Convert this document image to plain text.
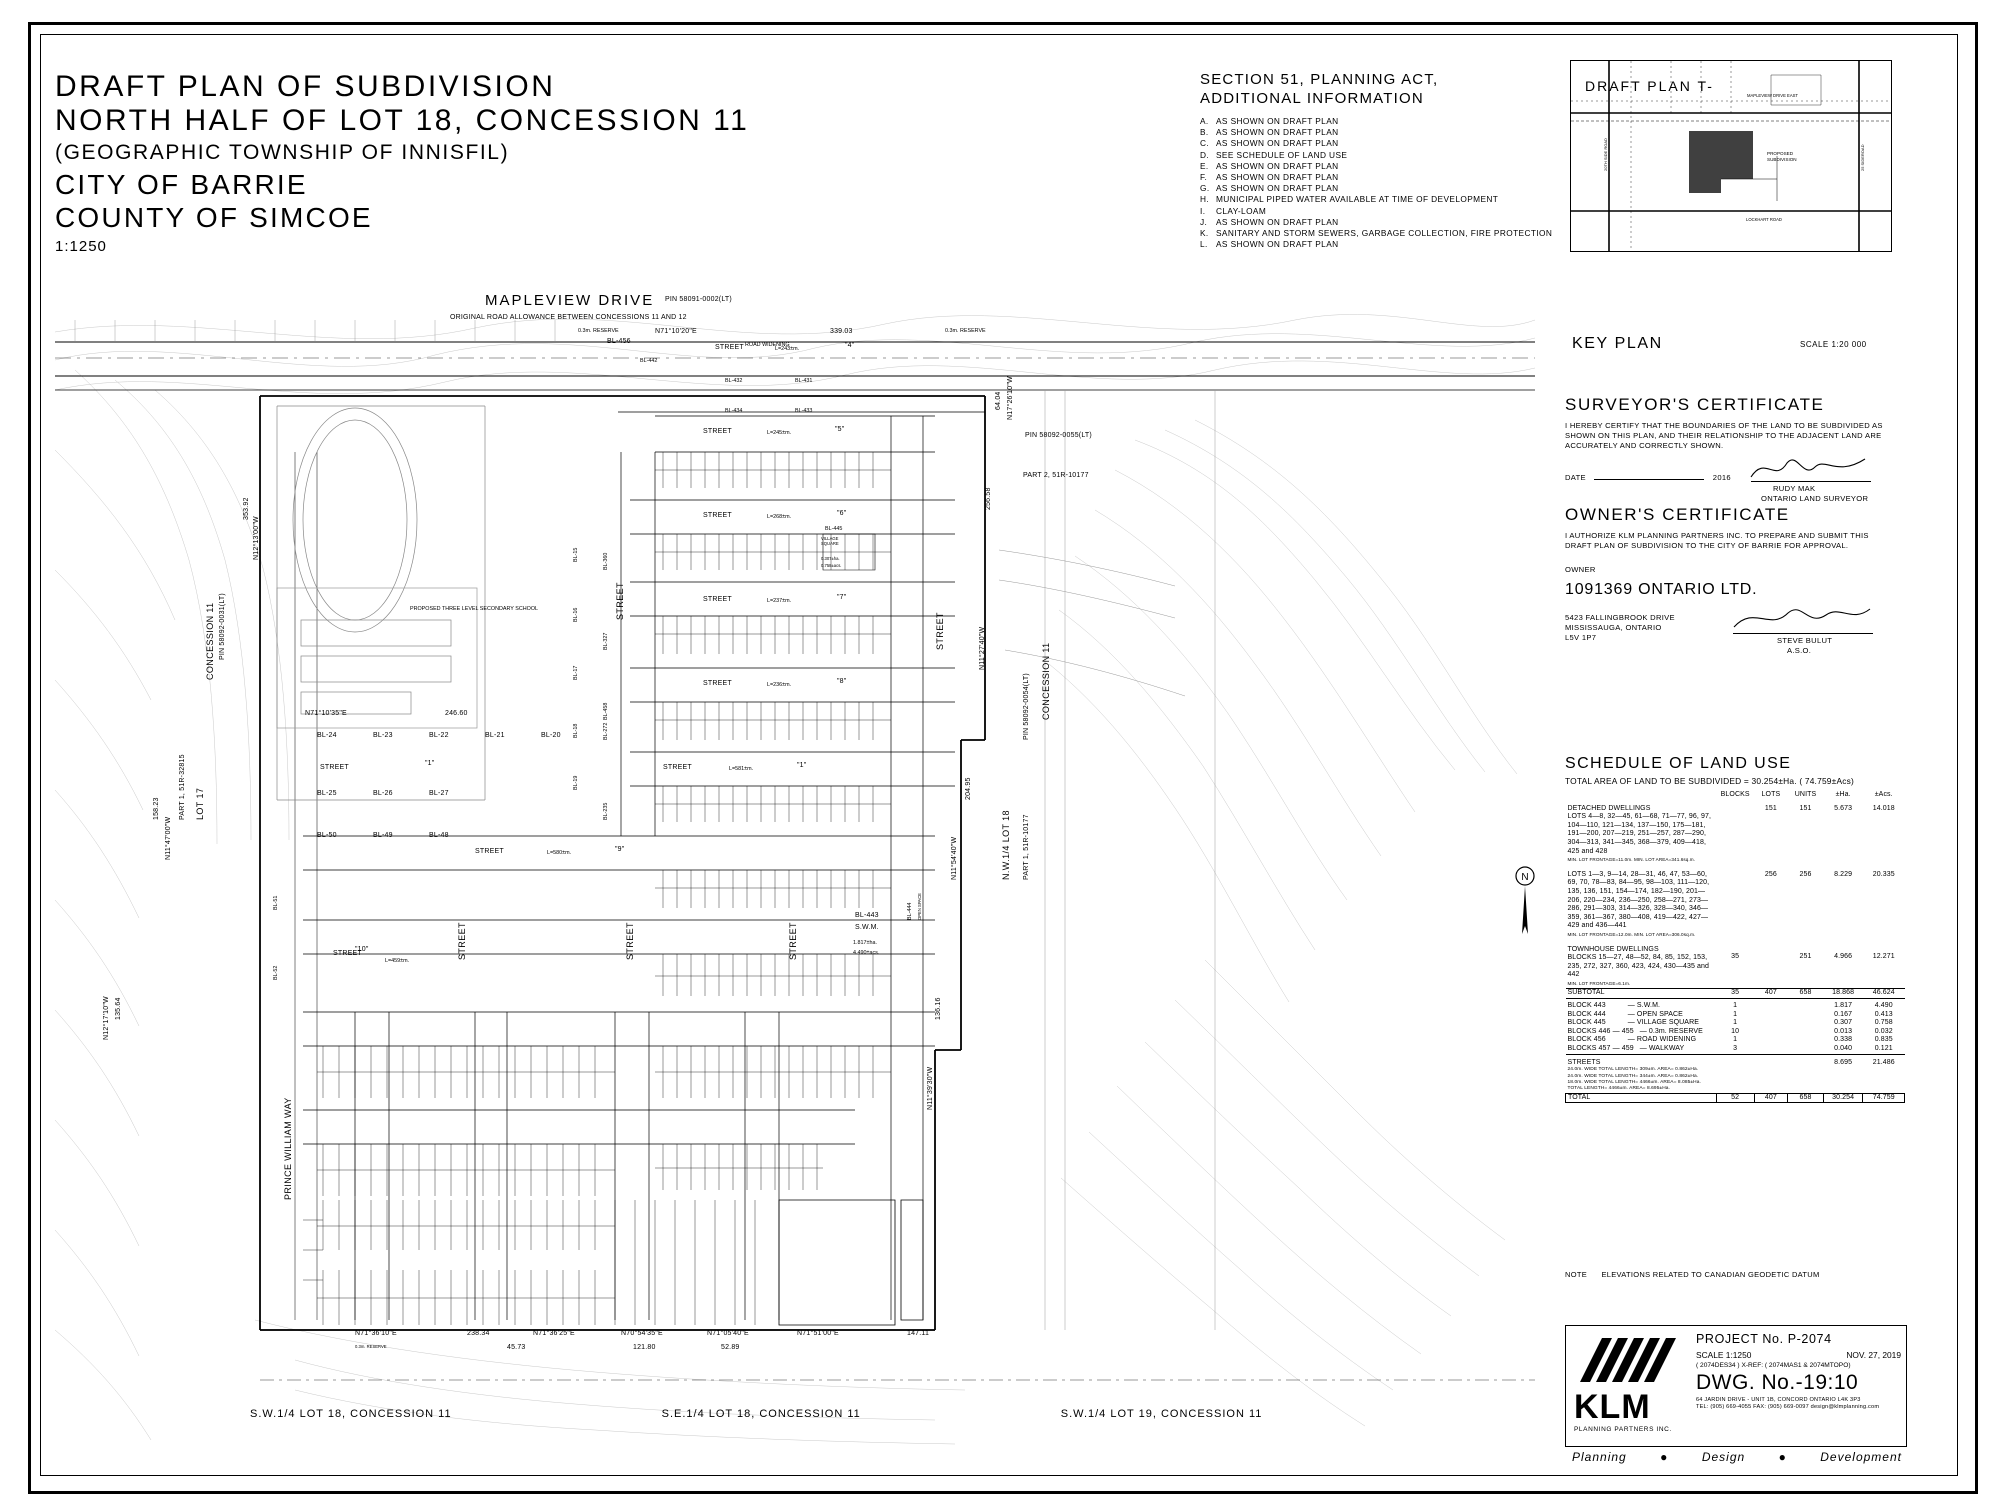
DRAFT PLAN OF SUBDIVISION
NORTH HALF OF LOT 18, CONCESSION 11
(GEOGRAPHIC TOWNSHIP OF INNISFIL)
CITY OF BARRIE
COUNTY OF SIMCOE
1:1250
SECTION 51, PLANNING ACT,
ADDITIONAL INFORMATION
A. AS SHOWN ON DRAFT PLAN
B. AS SHOWN ON DRAFT PLAN
C. AS SHOWN ON DRAFT PLAN
D. SEE SCHEDULE OF LAND USE
E. AS SHOWN ON DRAFT PLAN
F. AS SHOWN ON DRAFT PLAN
G. AS SHOWN ON DRAFT PLAN
H. MUNICIPAL PIPED WATER AVAILABLE AT TIME OF DEVELOPMENT
I. CLAY-LOAM
J. AS SHOWN ON DRAFT PLAN
K. SANITARY AND STORM SEWERS, GARBAGE COLLECTION, FIRE PROTECTION
L. AS SHOWN ON DRAFT PLAN
DRAFT PLAN T-
MAPLEVIEW DRIVE EAST
PROPOSED
SUBDIVISION
LOCKHART ROAD
20TH SIDE ROAD	25 SIDEROAD
KEY PLAN	SCALE 1:20 000
SURVEYOR'S CERTIFICATE
I HEREBY CERTIFY THAT THE BOUNDARIES OF THE LAND TO BE SUBDIVIDED AS SHOWN ON THIS PLAN, AND THEIR RELATIONSHIP TO THE ADJACENT LAND ARE ACCURATELY AND CORRECTLY SHOWN.
DATE	2016
RUDY MAK
ONTARIO LAND SURVEYOR
OWNER'S CERTIFICATE
I AUTHORIZE KLM PLANNING PARTNERS INC. TO PREPARE AND SUBMIT THIS DRAFT PLAN OF SUBDIVISION TO THE CITY OF BARRIE FOR APPROVAL.
OWNER
1091369 ONTARIO LTD.
5423 FALLINGBROOK DRIVE
MISSISSAUGA, ONTARIO
L5V 1P7	STEVE BULUT
A.S.O.
SCHEDULE OF LAND USE
TOTAL AREA OF LAND TO BE SUBDIVIDED = 30.254±Ha. ( 74.759±Acs)
	BLOCKS	LOTS	UNITS	±Ha.	±Acs.

DETACHED DWELLINGS
LOTS 4—8, 32—45, 61—68, 71—77, 96, 97, 104—110, 121—134, 137—150, 175—181, 191—200, 207—219, 251—257, 287—290, 304—313, 341—345, 368—379, 409—418, 425 and 428
MIN. LOT FRONTAGE=11.0m. MIN. LOT AREA=341.6sq.m.		151	151	5.673	14.018

LOTS 1—3, 9—14, 28—31, 46, 47, 53—60, 69, 70, 78—83, 84—95, 98—103, 111—120, 135, 136, 151, 154—174, 182—190, 201—206, 220—234, 236—250, 258—271, 273—286, 291—303, 314—326, 328—340, 346—359, 361—367, 380—408, 419—422, 427—429 and 436—441
MIN. LOT FRONTAGE=12.0m. MIN. LOT AREA=306.0sq.m.		256	256	8.229	20.335

TOWNHOUSE DWELLINGS
BLOCKS 15—27, 48—52, 84, 85, 152, 153, 235, 272, 327, 360, 423, 424, 430—435 and 442
MIN. LOT FRONTAGE=6.1m.	35		251	4.966	12.271
SUBTOTAL	35	407	658	18.868	46.624
BLOCK 443 — S.W.M.	1			1.817	4.490
BLOCK 444 — OPEN SPACE	1			0.167	0.413
BLOCK 445 — VILLAGE SQUARE	1			0.307	0.758
BLOCKS 446 — 455 — 0.3m. RESERVE	10			0.013	0.032
BLOCK 456 — ROAD WIDENING	1			0.338	0.835
BLOCKS 457 — 459 — WALKWAY	3			0.040	0.121

STREETS
24.0m. WIDE TOTAL LENGTH= 309±m. AREA= 0.862±Ha.
24.0m. WIDE TOTAL LENGTH= 344±m. AREA= 0.862±Ha.
18.0m. WIDE TOTAL LENGTH= 4466±m. AREA= 8.085±Ha.
TOTAL LENGTH= 4466±m. AREA= 8.695±Ha.				8.695	21.486
TOTAL	52	407	658	30.254	74.759
NOTE ELEVATIONS RELATED TO CANADIAN GEODETIC DATUM
KLM
PLANNING PARTNERS INC.
PROJECT No. P-2074
SCALE 1:1250	NOV. 27, 2019
( 2074DES34 ) X-REF: ( 2074MAS1 & 2074MTOPO)
DWG. No.-19:10
64 JARDIN DRIVE - UNIT 1B, CONCORD ONTARIO L4K 3P3
TEL: (905) 669-4055 FAX: (905) 669-0097 design@klmplanning.com
Planning	●	Design	●	Development
MAPLEVIEW DRIVE PIN 58091-0002(LT)
ORIGINAL ROAD ALLOWANCE BETWEEN CONCESSIONS 11 AND 12
N71°10'20"E	339.03
ROAD WIDENING
0.3m. RESERVE	0.3m. RESERVE
BL-456
BL-442
BL-432	BL-431
BL-434	BL-433
STREET	L=243±m.	"4"
STREET	L=245±m.	"5"
STREET	L=268±m.	"6"
STREET	L=237±m.	"7"
STREET	L=236±m.	"8"
STREET	L=581±m.	"1"
STREET
"1"
STREET	L=580±m.	"9"
STREET
L=459±m.
"10"
STREET
STREET
STREET	STREET
STREET
BL-443
S.W.M.
1.817±ha.
4.490±acs.
BL-445
VILLAGE
SQUARE
0.307±ha.
0.758±acs.
BL-444 OPEN SPACE
PROPOSED THREE LEVEL SECONDARY SCHOOL
BL-24	BL-23	BL-22	BL-21	BL-20
BL-25	BL-26	BL-27
BL-50	BL-49	BL-48
BL-15
BL-16
BL-17
BL-18
BL-19
BL-458
BL-272
BL-235
BL-327
BL-360
BL-51
BL-52
N12°13'00"W
353.92
N11°47'00"W
158.23
135.64
N12°17'10"W
N17°26'10"W
64.04
256.58
N11°27'40"W
204.95
N11°54'40"W
136.16
N11°39'30"W
N71°10'35"E	246.60
N71°36'10"E	238.34	N71°36'25"E
45.73
N70°54'35"E
121.80
N71°05'40"E
52.89
N71°51'00"E	147.11
0.3m. RESERVE
PIN 58092-0031(LT)
CONCESSION 11
LOT 17
PART 1, 51R-32815
PIN 58092-0054(LT) CONCESSION 11
N.W.1/4 LOT 18 PART 1, 51R-10177
PIN 58092-0055(LT)
PART 2, 51R-10177
PRINCE WILLIAM WAY
N
S.W.1/4 LOT 18, CONCESSION 11	S.E.1/4 LOT 18, CONCESSION 11	S.W.1/4 LOT 19, CONCESSION 11
